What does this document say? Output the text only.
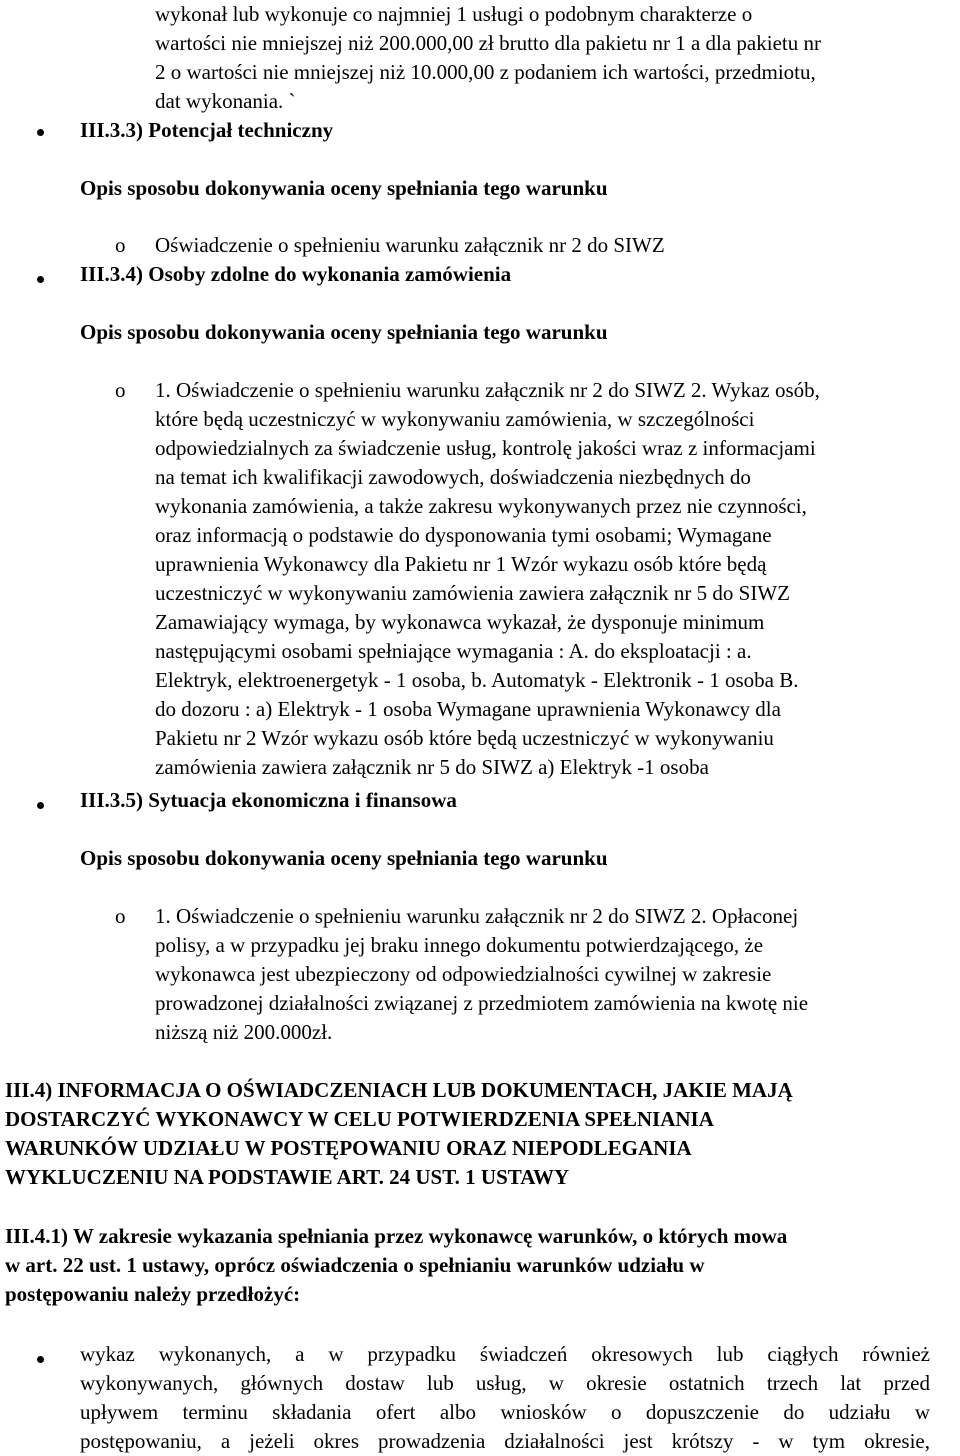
wykonał lub wykonuje co najmniej 1 usługi o podobnym charakterze o
wartości nie mniejszej niż 200.000,00 zł brutto dla pakietu nr 1 a dla pakietu nr
2 o wartości nie mniejszej niż 10.000,00 z podaniem ich wartości, przedmiotu,
dat wykonania. `
III.3.3) Potencjał techniczny
Opis sposobu dokonywania oceny spełniania tego warunku
o Oświadczenie o spełnieniu warunku załącznik nr 2 do SIWZ
III.3.4) Osoby zdolne do wykonania zamówienia
Opis sposobu dokonywania oceny spełniania tego warunku
o 1. Oświadczenie o spełnieniu warunku załącznik nr 2 do SIWZ 2. Wykaz osób,
które będą uczestniczyć w wykonywaniu zamówienia, w szczególności
odpowiedzialnych za świadczenie usług, kontrolę jakości wraz z informacjami
na temat ich kwalifikacji zawodowych, doświadczenia niezbędnych do
wykonania zamówienia, a także zakresu wykonywanych przez nie czynności,
oraz informacją o podstawie do dysponowania tymi osobami; Wymagane
uprawnienia Wykonawcy dla Pakietu nr 1 Wzór wykazu osób które będą
uczestniczyć w wykonywaniu zamówienia zawiera załącznik nr 5 do SIWZ
Zamawiający wymaga, by wykonawca wykazał, że dysponuje minimum
następującymi osobami spełniające wymagania : A. do eksploatacji : a.
Elektryk, elektroenergetyk - 1 osoba, b. Automatyk - Elektronik - 1 osoba B.
do dozoru : a) Elektryk - 1 osoba Wymagane uprawnienia Wykonawcy dla
Pakietu nr 2 Wzór wykazu osób które będą uczestniczyć w wykonywaniu
zamówienia zawiera załącznik nr 5 do SIWZ a) Elektryk -1 osoba
III.3.5) Sytuacja ekonomiczna i finansowa
Opis sposobu dokonywania oceny spełniania tego warunku
o 1. Oświadczenie o spełnieniu warunku załącznik nr 2 do SIWZ 2. Opłaconej
polisy, a w przypadku jej braku innego dokumentu potwierdzającego, że
wykonawca jest ubezpieczony od odpowiedzialności cywilnej w zakresie
prowadzonej działalności związanej z przedmiotem zamówienia na kwotę nie
niższą niż 200.000zł.
III.4) INFORMACJA O OŚWIADCZENIACH LUB DOKUMENTACH, JAKIE MAJĄ
DOSTARCZYĆ WYKONAWCY W CELU POTWIERDZENIA SPEŁNIANIA
WARUNKÓW UDZIAŁU W POSTĘPOWANIU ORAZ NIEPODLEGANIA
WYKLUCZENIU NA PODSTAWIE ART. 24 UST. 1 USTAWY
III.4.1) W zakresie wykazania spełniania przez wykonawcę warunków, o których mowa
w art. 22 ust. 1 ustawy, oprócz oświadczenia o spełnianiu warunków udziału w
postępowaniu należy przedłożyć:
wykaz wykonanych, a w przypadku świadczeń okresowych lub ciągłych również
wykonywanych, głównych dostaw lub usług, w okresie ostatnich trzech lat przed
upływem terminu składania ofert albo wniosków o dopuszczenie do udziału w
postępowaniu, a jeżeli okres prowadzenia działalności jest krótszy - w tym okresie,
